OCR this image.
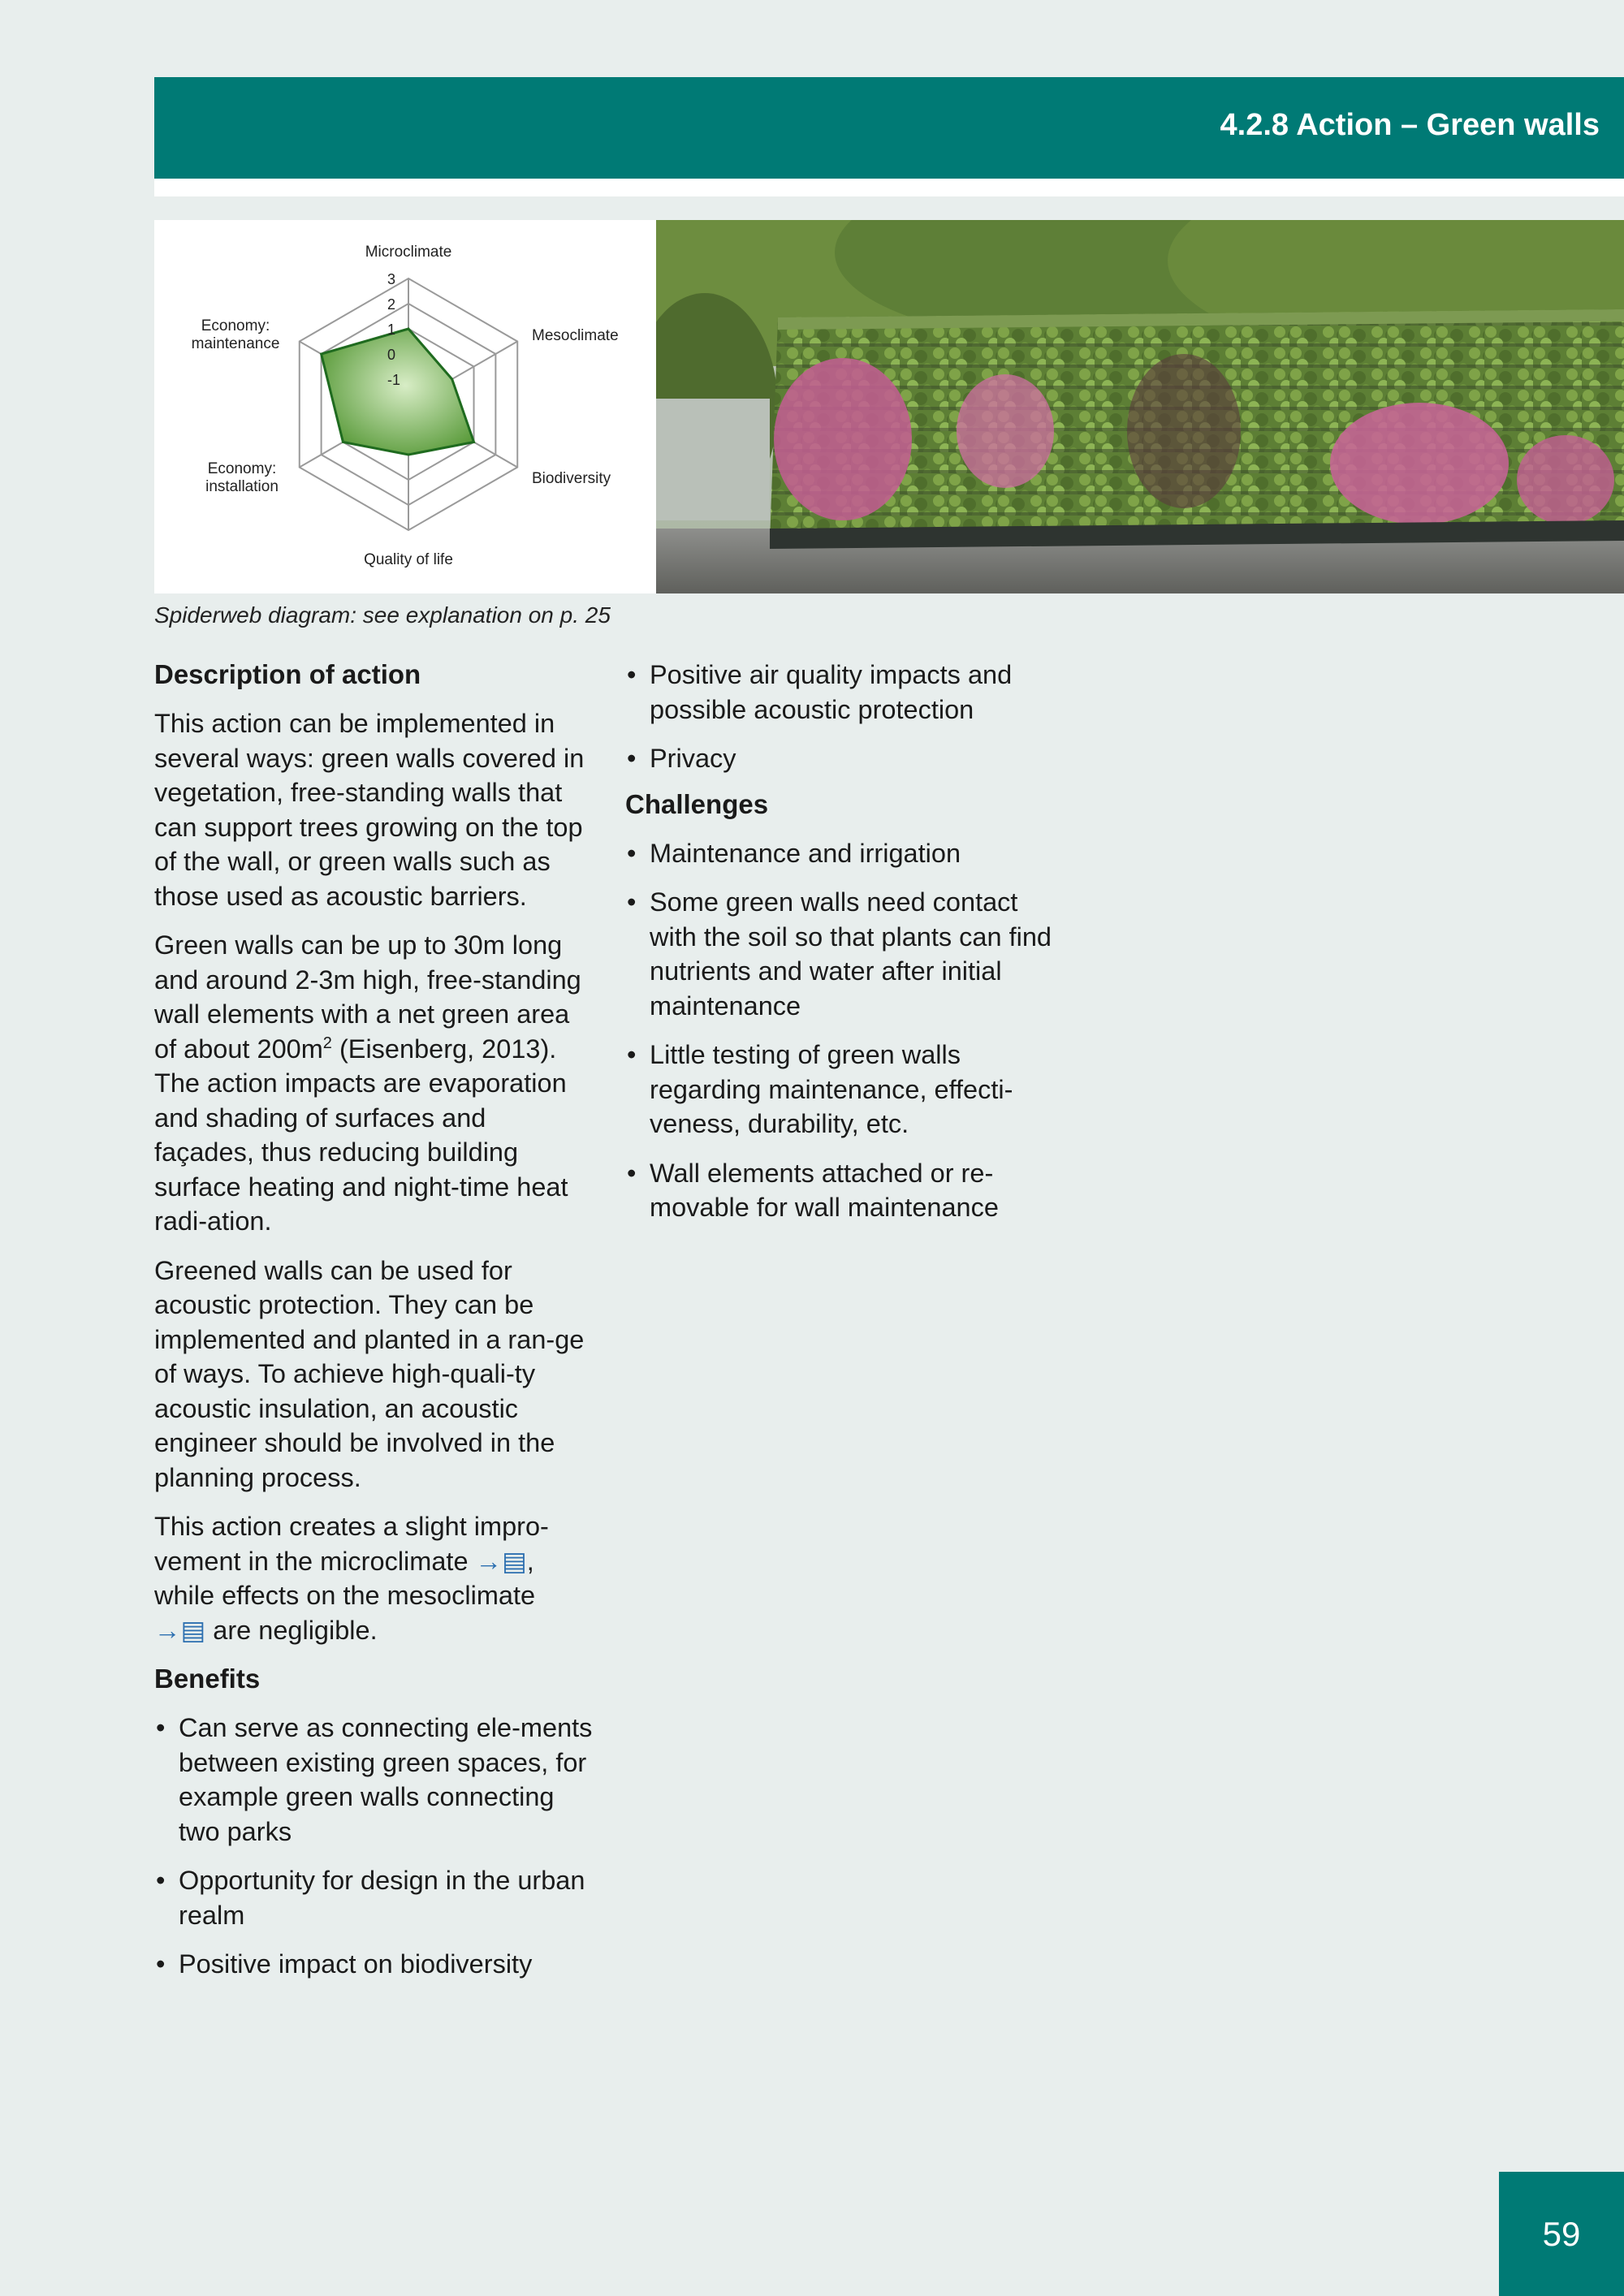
4.2.8 Action – Green walls
3
2
1
0
-1
Microclimate
Mesoclimate
Biodiversity
Quality of life
Economy: installation
Economy: maintenance
Spiderweb diagram: see explanation on p. 25
Description of action

This action can be implemented in several ways: green walls covered in vegetation, free-standing walls that can support trees growing on the top of the wall, or green walls such as those used as acoustic barriers.

Green walls can be up to 30m long and around 2-3m high, free-standing wall elements with a net green area of about $200m^2$ (Eisenberg, 2013). The action impacts are evaporation and shading of surfaces and façades, thus reducing building surface heating and night-time heat radi-ation.

Greened walls can be used for acoustic protection. They can be implemented and planted in a ran-ge of ways. To achieve high-quali-ty acoustic insulation, an acoustic engineer should be involved in the planning process.

This action creates a slight impro-vement in the microclimate →▤, while effects on the mesoclimate →▤ are negligible.

Benefits
• Can serve as connecting ele-ments between existing green spaces, for example green walls connecting two parks
• Opportunity for design in the urban realm
• Positive impact on biodiversity
• Positive air quality impacts and possible acoustic protection
• Privacy
Challenges
• Maintenance and irrigation
• Some green walls need contact with the soil so that plants can find nutrients and water after initial maintenance
• Little testing of green walls regarding maintenance, effecti-veness, durability, etc.
• Wall elements attached or re-movable for wall maintenance
59
